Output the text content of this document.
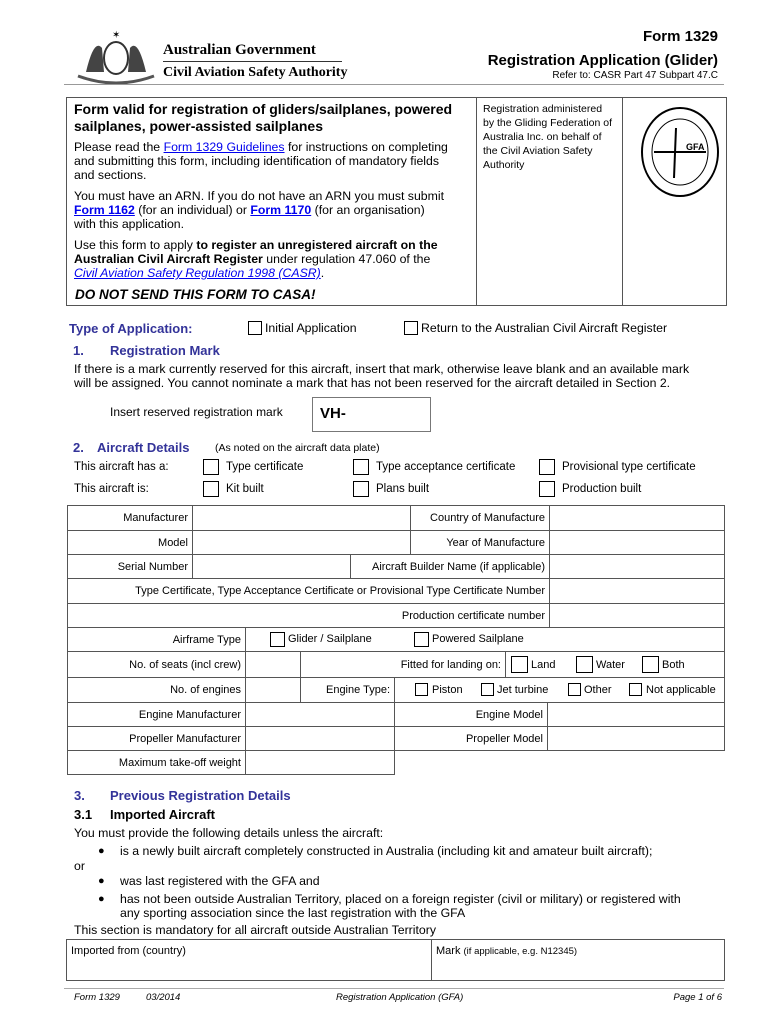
✶
Australian Government
Civil Aviation Safety Authority
Form 1329
Registration Application (Glider)
Refer to: CASR Part 47 Subpart 47.C
Form valid for registration of gliders/sailplanes, powered
sailplanes, power-assisted sailplanes
Please read the Form 1329 Guidelines for instructions on completing
and submitting this form, including identification of mandatory fields
and sections.
You must have an ARN. If you do not have an ARN you must submit
Form 1162 (for an individual) or Form 1170 (for an organisation)
with this application.
Use this form to apply to register an unregistered aircraft on the
Australian Civil Aircraft Register under regulation 47.060 of the
Civil Aviation Safety Regulation 1998 (CASR).
DO NOT SEND THIS FORM TO CASA!
Registration administered
by the Gliding Federation of
Australia Inc. on behalf of
the Civil Aviation Safety
Authority
GFA
Type of Application:	Initial Application	Return to the Australian Civil Aircraft Register
1. Registration Mark
If there is a mark currently reserved for this aircraft, insert that mark, otherwise leave blank and an available mark
will be assigned. You cannot nominate a mark that has not been reserved for the aircraft detailed in Section 2.
Insert reserved registration mark	VH-
2. Aircraft Details (As noted on the aircraft data plate)
This aircraft has a:	Type certificate	Type acceptance certificate	Provisional type certificate
This aircraft is:	Kit built	Plans built	Production built
Manufacturer	Country of Manufacture
Model	Year of Manufacture
Serial Number	Aircraft Builder Name (if applicable)
Type Certificate, Type Acceptance Certificate or Provisional Type Certificate Number
Production certificate number
Airframe Type	Glider / Sailplane	Powered Sailplane
No. of seats (incl crew)	Fitted for landing on:	Land	Water	Both
No. of engines	Engine Type:	Piston	Jet turbine	Other	Not applicable
Engine Manufacturer	Engine Model
Propeller Manufacturer	Propeller Model
Maximum take-off weight
3. Previous Registration Details
3.1 Imported Aircraft
You must provide the following details unless the aircraft:
● is a newly built aircraft completely constructed in Australia (including kit and amateur built aircraft);
or
● was last registered with the GFA and
● has not been outside Australian Territory, placed on a foreign register (civil or military) or registered with
any sporting association since the last registration with the GFA
This section is mandatory for all aircraft outside Australian Territory
Imported from (country)	Mark
(if applicable, e.g. N12345)
Form 1329	03/2014	Registration Application (GFA)	Page 1 of 6
